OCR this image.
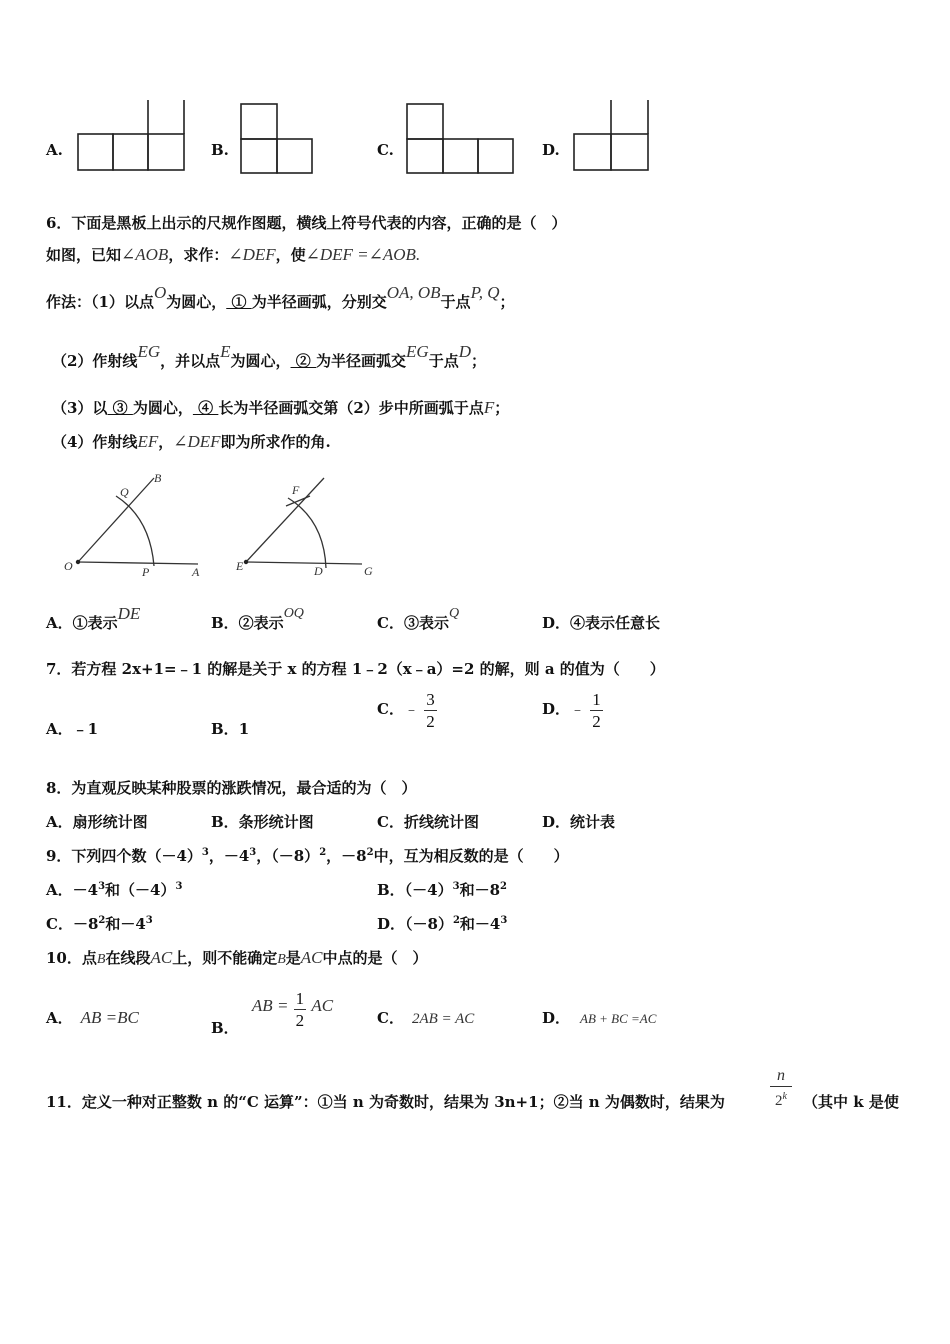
A.	B.	C.	D.
6．下面是黑板上出示的尺规作图题，横线上符号代表的内容，正确的是（　）
如图，已知∠AOB，求作：∠DEF，使∠DEF =∠AOB.
作法：（1）以点O为圆心， ① 为半径画弧，分别交OA, OB于点P, Q；
（2）作射线EG，并以点E为圆心， ② 为半径画弧交EG于点D；
（3）以 ③ 为圆心， ④ 长为半径画弧交第（2）步中所画弧于点F；
（4）作射线EF，∠DEF即为所求作的角.
B
Q
O	P	A
F
E	D	G
A．①表示DE	B．②表示OQ
C．③表示Q
D．④表示任意长
7．若方程 2x+1=﹣1 的解是关于 x 的方程 1﹣2（x﹣a）=2 的解，则 a 的值为（　　）
A．﹣1	B．1
C．﹣ $\frac{3}{2}$	D．﹣ $\frac{1}{2}$
8．为直观反映某种股票的涨跌情况，最合适的为（　）
A．扇形统计图	B．条形统计图	C．折线统计图	D．统计表
9．下列四个数$(-4)^3$，$-4^3$，$(-8)^2$，$-8^2$中，互为相反数的是（　　）
A．$-4^3$和$(-4)^3$	B．$(-4)^3$和$-8^2$
C．$-8^2$和$-4^3$	D．$(-8)^2$和$-4^3$
10．点B在线段AC上，则不能确定B是AC中点的是（　）
A． AB =BC
B． AB = $\frac{1}{2}$ AC
C． 2AB = AC	D． AB + BC =AC
11．定义一种对正整数 n 的“C 运算”：①当 n 为奇数时，结果为 3n+1；②当 n 为偶数时，结果为
n
2$^k$	（其中 k 是使
